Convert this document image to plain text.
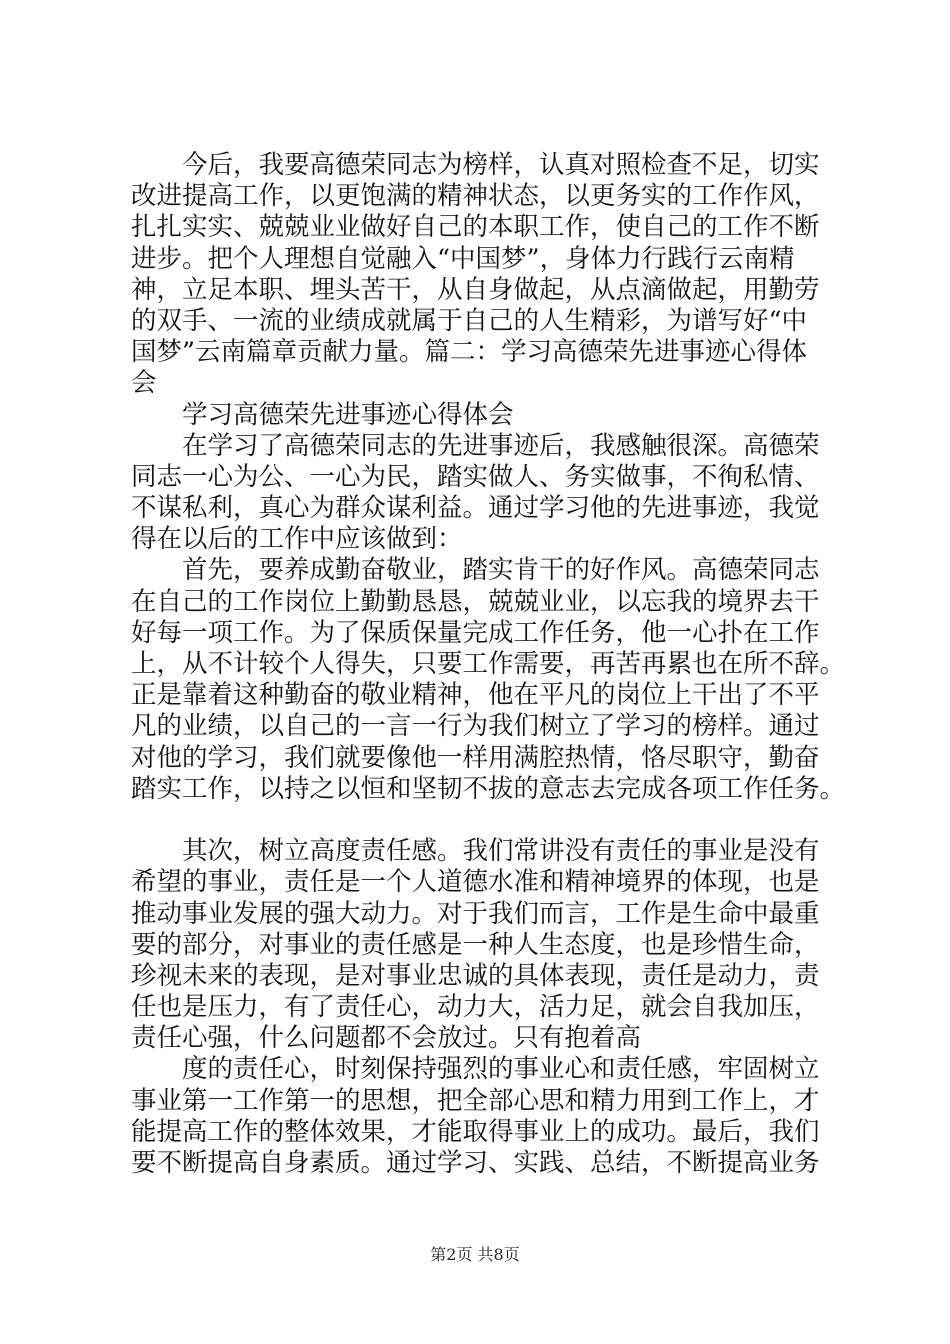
　　今后，我要高德荣同志为榜样，认真对照检查不足，切实
改进提高工作，以更饱满的精神状态，以更务实的工作作风，
扎扎实实、兢兢业业做好自己的本职工作，使自己的工作不断
进步。把个人理想自觉融入“中国梦”，身体力行践行云南精
神，立足本职、埋头苦干，从自身做起，从点滴做起，用勤劳
的双手、一流的业绩成就属于自己的人生精彩，为谱写好“中
国梦”云南篇章贡献力量。篇二：学习高德荣先进事迹心得体
会
　　学习高德荣先进事迹心得体会
　　在学习了高德荣同志的先进事迹后，我感触很深。高德荣
同志一心为公、一心为民，踏实做人、务实做事，不徇私情、
不谋私利，真心为群众谋利益。通过学习他的先进事迹，我觉
得在以后的工作中应该做到：
　　首先，要养成勤奋敬业，踏实肯干的好作风。高德荣同志
在自己的工作岗位上勤勤恳恳，兢兢业业，以忘我的境界去干
好每一项工作。为了保质保量完成工作任务，他一心扑在工作
上，从不计较个人得失，只要工作需要，再苦再累也在所不辞。
正是靠着这种勤奋的敬业精神，他在平凡的岗位上干出了不平
凡的业绩，以自己的一言一行为我们树立了学习的榜样。通过
对他的学习，我们就要像他一样用满腔热情，恪尽职守，勤奋
踏实工作，以持之以恒和坚韧不拔的意志去完成各项工作任务。
　　其次，树立高度责任感。我们常讲没有责任的事业是没有
希望的事业，责任是一个人道德水准和精神境界的体现，也是
推动事业发展的强大动力。对于我们而言，工作是生命中最重
要的部分，对事业的责任感是一种人生态度，也是珍惜生命，
珍视未来的表现，是对事业忠诚的具体表现，责任是动力，责
任也是压力，有了责任心，动力大，活力足，就会自我加压，
责任心强，什么问题都不会放过。只有抱着高
　　度的责任心，时刻保持强烈的事业心和责任感，牢固树立
事业第一工作第一的思想，把全部心思和精力用到工作上，才
能提高工作的整体效果，才能取得事业上的成功。最后，我们
要不断提高自身素质。通过学习、实践、总结，不断提高业务
第2页 共8页
